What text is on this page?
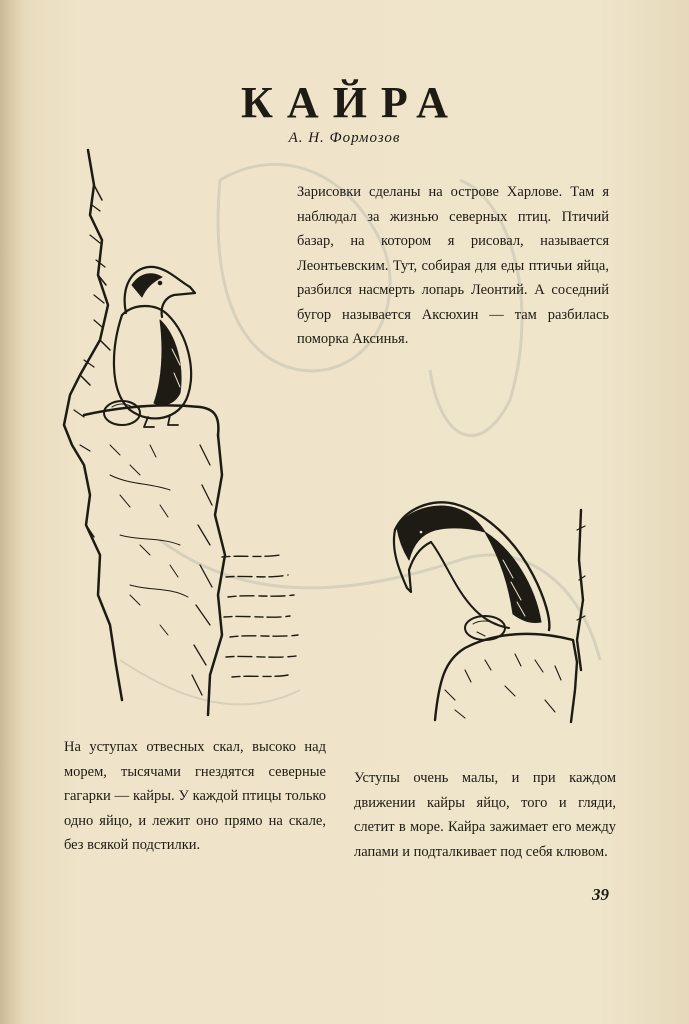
КАЙРА
А. Н. Формозов

Зарисовки сделаны на острове Харлове. Там я наблюдал за жизнью северных птиц. Птичий базар, на котором я рисовал, называется Леонтьевским. Тут, собирая для еды птичьи яйца, разбился насмерть лопарь Леонтий. А соседний бугор называется Аксюхин — там разбилась поморка Аксинья.

На уступах отвесных скал, высоко над морем, тысячами гнездятся северные гагарки — кайры. У каждой птицы только одно яйцо, и лежит оно прямо на скале, без всякой подстилки.

Уступы очень малы, и при каждом движении кайры яйцо, того и гляди, слетит в море. Кайра зажимает его между лапами и подталкивает под себя клювом.

39
